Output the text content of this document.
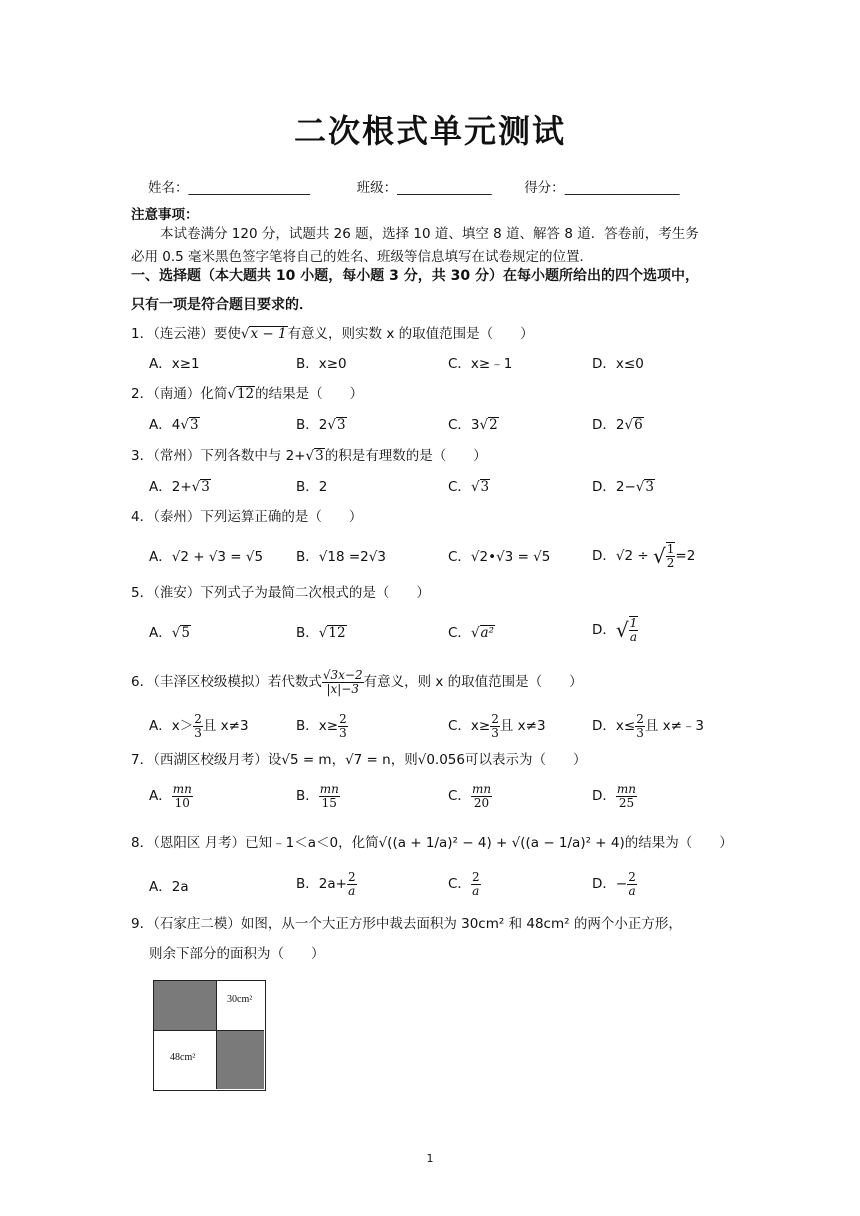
二次根式单元测试
姓名：__________________	班级：______________ 得分：_________________
注意事项：
本试卷满分 120 分，试题共 26 题，选择 10 道、填空 8 道、解答 8 道．答卷前，考生务
必用 0.5 毫米黑色签字笔将自己的姓名、班级等信息填写在试卷规定的位置．
一、选择题（本大题共 10 小题，每小题 3 分，共 30 分）在每小题所给出的四个选项中，
只有一项是符合题目要求的．
1．（连云港）要使√x − 1有意义，则实数 x 的取值范围是（　　）
A．x≥1	B．x≥0	C．x≥﹣1	D．x≤0
2．（南通）化简√12的结果是（　　）
A．4√3	B．2√3	C．3√2	D．2√6
3．（常州）下列各数中与 2+√3的积是有理数的是（　　）
A．2+√3	B．2	C．√3	D．2−√3
4．（泰州）下列运算正确的是（　　）
A．√2 + √3 = √5 B．√18 =2√3	C．√2•√3 = √5	D．√2 ÷ √ $\frac{1}{2} =2$
5．（淮安）下列式子为最简二次根式的是（　　）
A．√5	B．√12	C．√a²	D．√ $\frac{1}{a}$
6．（丰泽区校级模拟）若代数式 $\frac{√3x-2}{|x|-3}$ 有意义，则 x 的取值范围是（　　）
A．$x> \frac{2}{3}$ 且 x≠3	B．$x\ge \frac{2}{3}$	C．$x\ge \frac{2}{3}$ 且 x≠3	D．$x\le \frac{2}{3}$ 且 x≠﹣3
7．（西湖区校级月考）设√5 = m，√7 = n，则√0.056可以表示为（　　）
A． $\frac{mn}{10}$	B． $\frac{mn}{15}$	C． $\frac{mn}{20}$	D． $\frac{mn}{25}$
8．（恩阳区 月考）已知﹣1＜a＜0，化简√((a + 1/a)² − 4) + √((a − 1/a)² + 4)的结果为（　　）
A．2a	B．$2a+ \frac{2}{a}$	C． $\frac{2}{a}$	D．− $\frac{2}{a}$
9．（石家庄二模）如图，从一个大正方形中裁去面积为 30cm² 和 48cm² 的两个小正方形，
则余下部分的面积为（　　）
30cm²
48cm²
1
